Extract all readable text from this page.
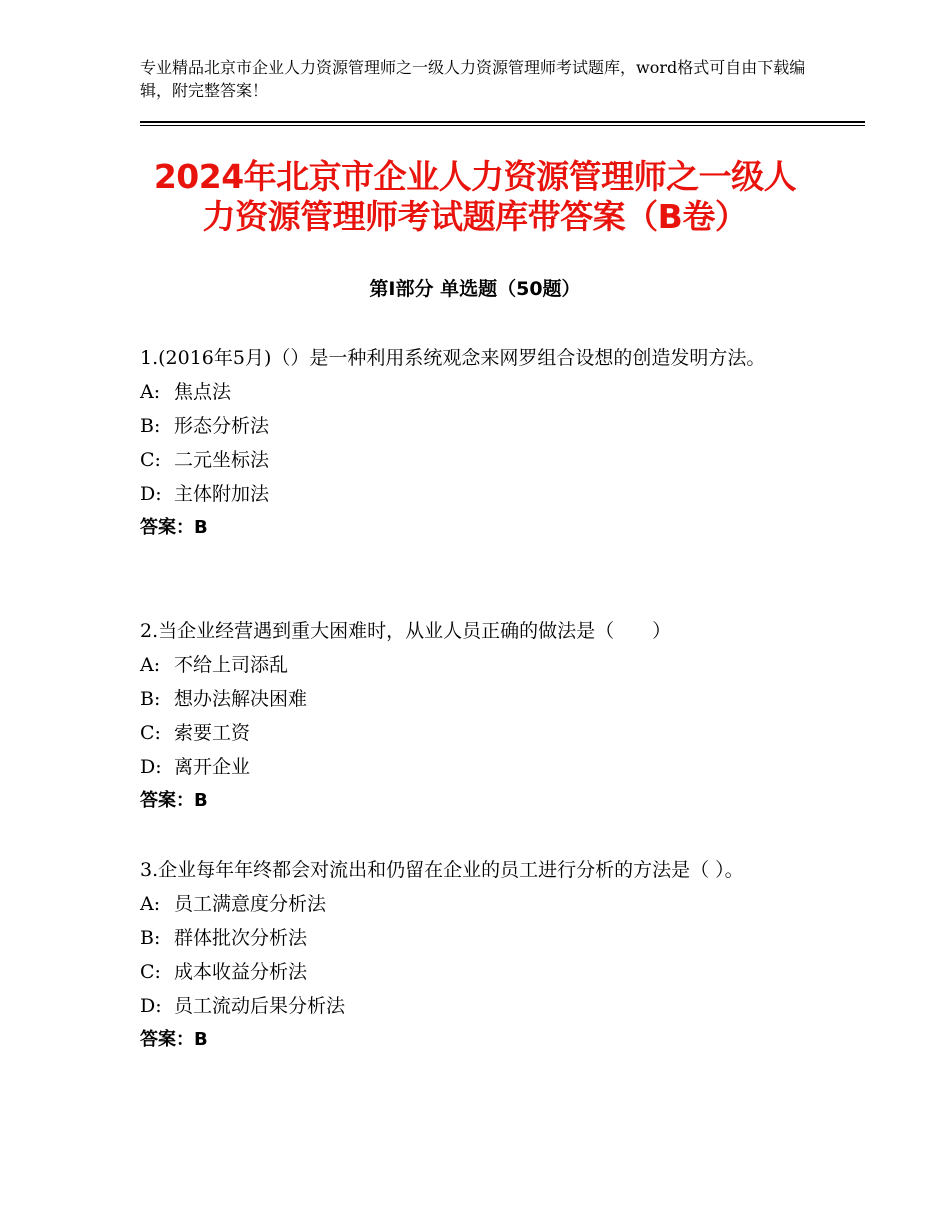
专业精品北京市企业人力资源管理师之一级人力资源管理师考试题库，word格式可自由下载编辑，附完整答案！
2024年北京市企业人力资源管理师之一级人
力资源管理师考试题库带答案（B卷）
第Ⅰ部分 单选题（50题）

1.(2016年5月)（）是一种利用系统观念来网罗组合设想的创造发明方法。

A: 焦点法

B: 形态分析法

C: 二元坐标法

D: 主体附加法

答案：B

2.当企业经营遇到重大困难时，从业人员正确的做法是（　　）

A: 不给上司添乱

B: 想办法解决困难

C: 索要工资

D: 离开企业

答案：B

3.企业每年年终都会对流出和仍留在企业的员工进行分析的方法是（ ）。

A: 员工满意度分析法

B: 群体批次分析法

C: 成本收益分析法

D: 员工流动后果分析法

答案：B
